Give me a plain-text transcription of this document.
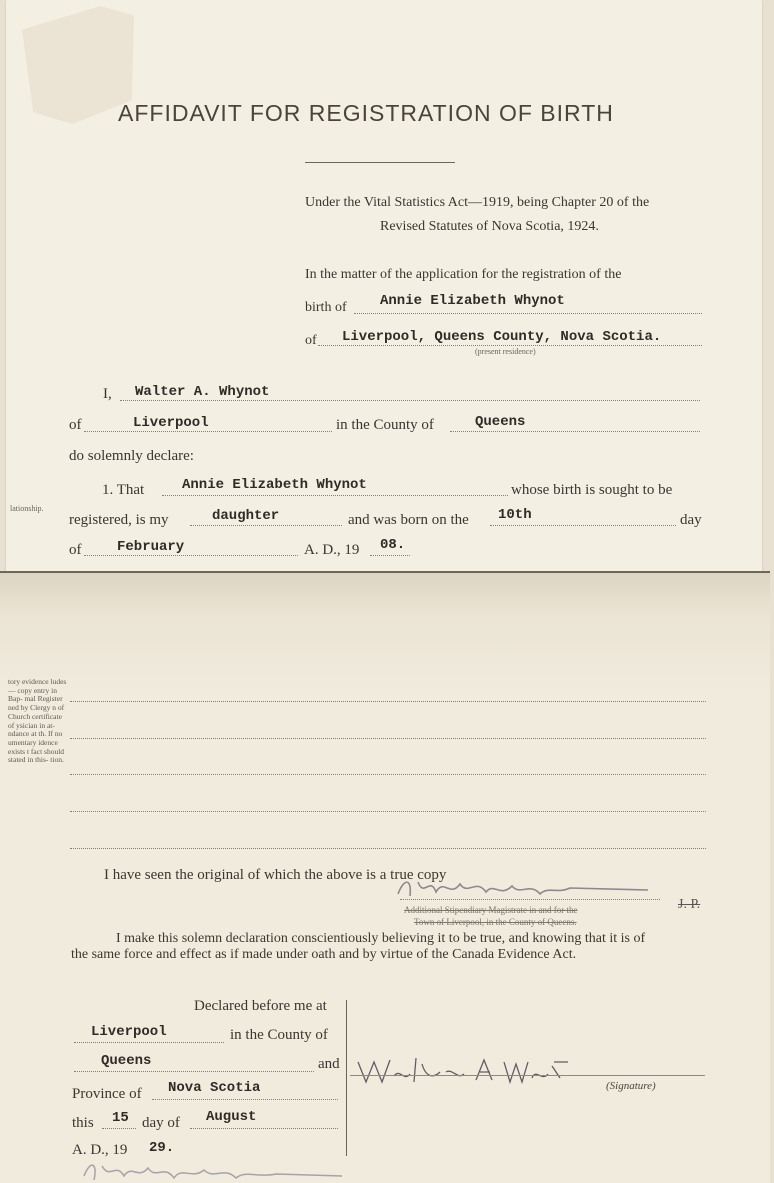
AFFIDAVIT FOR REGISTRATION OF BIRTH
Under the Vital Statistics Act—1919, being Chapter 20 of the
Revised Statutes of Nova Scotia, 1924.
In the matter of the application for the registration of the
birth of Annie Elizabeth Whynot
of Liverpool, Queens County, Nova Scotia.
(present residence)
I, Walter A. Whynot
of	Liverpool	in the County of	Queens
do solemnly declare:
lationship.
1. That	Annie Elizabeth Whynot	whose birth is sought to be
registered, is my	daughter	and was born on the 10th	day
of	February	A. D., 19 08.
tory evidence ludes — copy entry in Bap- mal Register ned by Clergy n of Church certificate of ysician in at- ndance at th. If no umentary idence exists t fact should stated in this- tion.
I have seen the original of which the above is a true copy
J. P.
Additional Stipendiary Magistrate in and for the
Town of Liverpool, in the County of Queens.
I make this solemn declaration conscientiously believing it to be true, and knowing that it is of
the same force and effect as if made under oath and by virtue of the Canada Evidence Act.
Declared before me at
Liverpool	in the County of
Queens	and
Province of Nova Scotia
this 15 day of August
A. D., 19 29.
(Signature)
